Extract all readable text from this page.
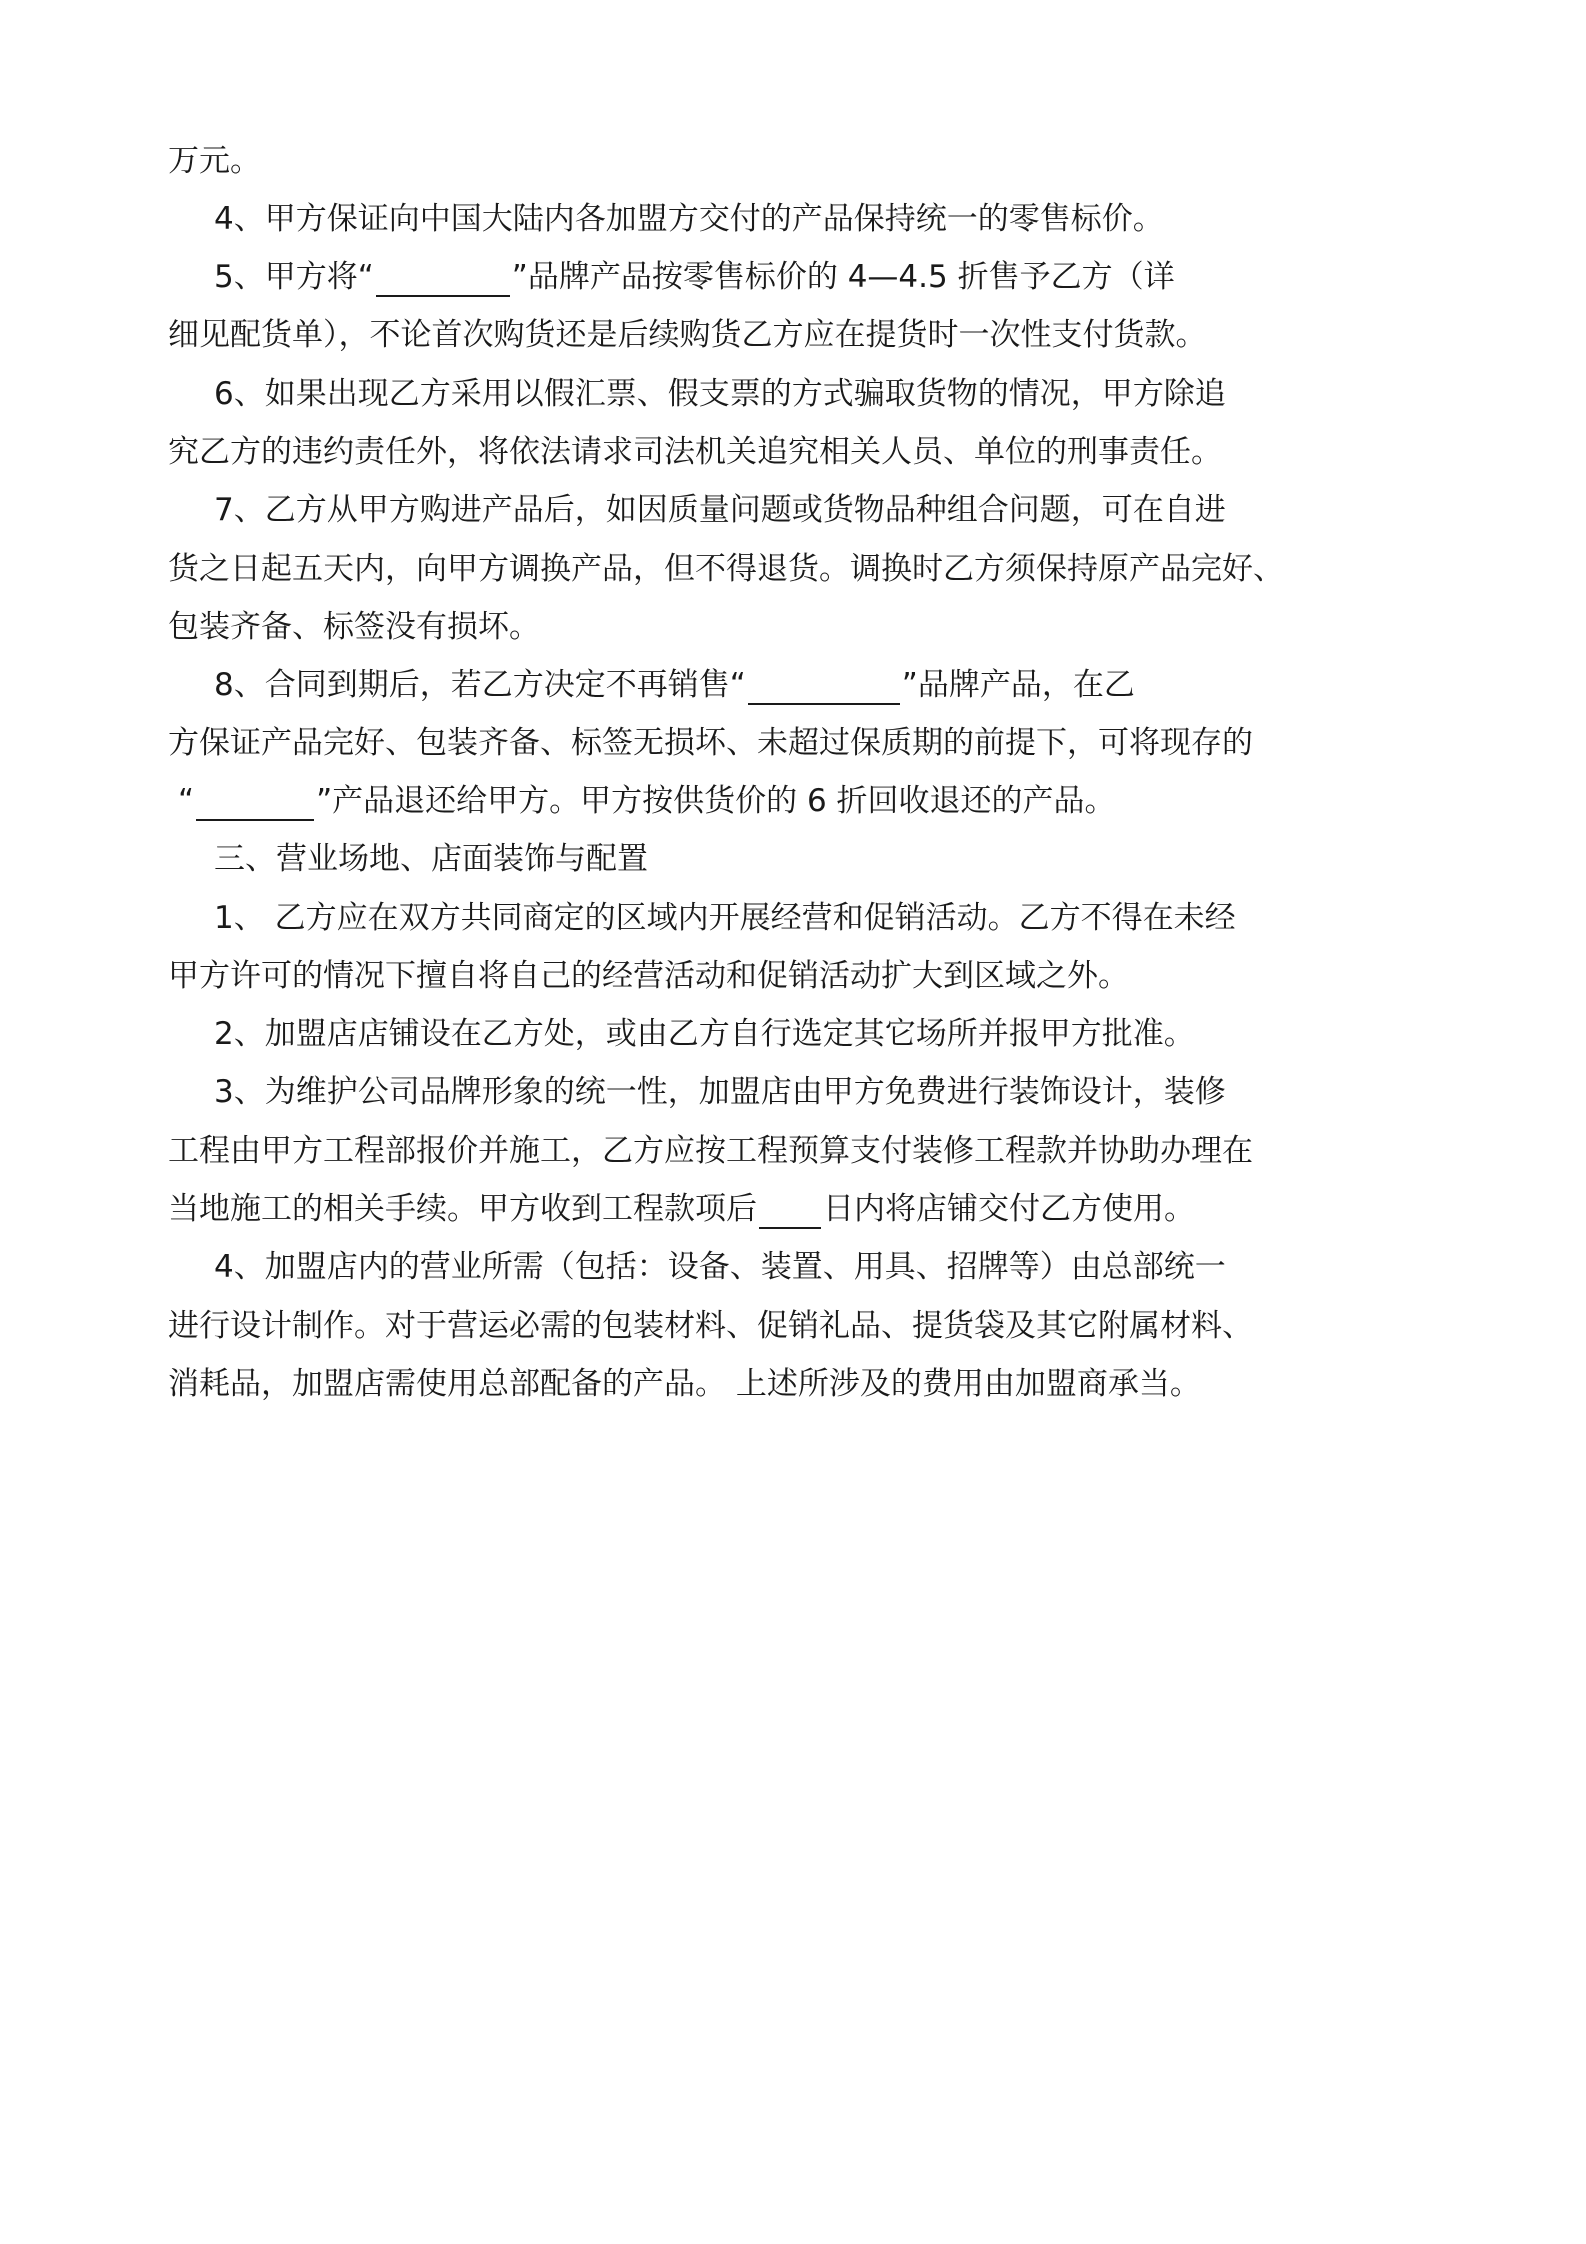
万元。
4、甲方保证向中国大陆内各加盟方交付的产品保持统一的零售标价。
5、甲方将“	”品牌产品按零售标价的 4—4.5 折售予乙方（详
细见配货单），不论首次购货还是后续购货乙方应在提货时一次性支付货款。
6、如果出现乙方采用以假汇票、假支票的方式骗取货物的情况，甲方除追
究乙方的违约责任外，将依法请求司法机关追究相关人员、单位的刑事责任。
7、乙方从甲方购进产品后，如因质量问题或货物品种组合问题，可在自进
货之日起五天内，向甲方调换产品，但不得退货。调换时乙方须保持原产品完好、
包装齐备、标签没有损坏。
8、合同到期后，若乙方决定不再销售“	”品牌产品，在乙
方保证产品完好、包装齐备、标签无损坏、未超过保质期的前提下，可将现存的
“	”产品退还给甲方。甲方按供货价的 6 折回收退还的产品。
三、营业场地、店面装饰与配置
1、 乙方应在双方共同商定的区域内开展经营和促销活动。乙方不得在未经
甲方许可的情况下擅自将自己的经营活动和促销活动扩大到区域之外。
2、加盟店店铺设在乙方处，或由乙方自行选定其它场所并报甲方批准。
3、为维护公司品牌形象的统一性，加盟店由甲方免费进行装饰设计，装修
工程由甲方工程部报价并施工，乙方应按工程预算支付装修工程款并协助办理在
当地施工的相关手续。甲方收到工程款项后 日内将店铺交付乙方使用。
4、加盟店内的营业所需（包括：设备、装置、用具、招牌等）由总部统一
进行设计制作。对于营运必需的包装材料、促销礼品、提货袋及其它附属材料、
消耗品，加盟店需使用总部配备的产品。 上述所涉及的费用由加盟商承当。
